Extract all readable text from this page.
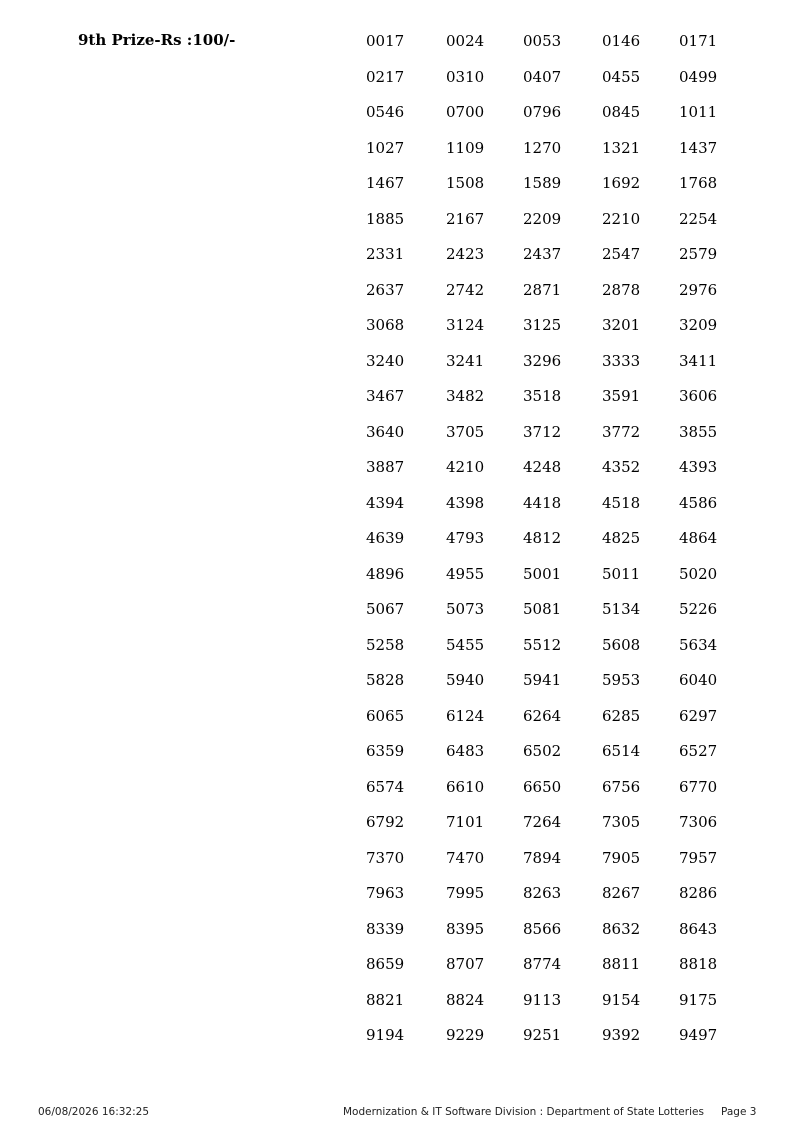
9th Prize-Rs :100/-	0017	0024	0053	0146	0171
0217	0310	0407	0455	0499
0546	0700	0796	0845	1011
1027	1109	1270	1321	1437
1467	1508	1589	1692	1768
1885	2167	2209	2210	2254
2331	2423	2437	2547	2579
2637	2742	2871	2878	2976
3068	3124	3125	3201	3209
3240	3241	3296	3333	3411
3467	3482	3518	3591	3606
3640	3705	3712	3772	3855
3887	4210	4248	4352	4393
4394	4398	4418	4518	4586
4639	4793	4812	4825	4864
4896	4955	5001	5011	5020
5067	5073	5081	5134	5226
5258	5455	5512	5608	5634
5828	5940	5941	5953	6040
6065	6124	6264	6285	6297
6359	6483	6502	6514	6527
6574	6610	6650	6756	6770
6792	7101	7264	7305	7306
7370	7470	7894	7905	7957
7963	7995	8263	8267	8286
8339	8395	8566	8632	8643
8659	8707	8774	8811	8818
8821	8824	9113	9154	9175
9194	9229	9251	9392	9497
06/08/2026 16:32:25	Modernization & IT Software Division : Department of State Lotteries Page 3
